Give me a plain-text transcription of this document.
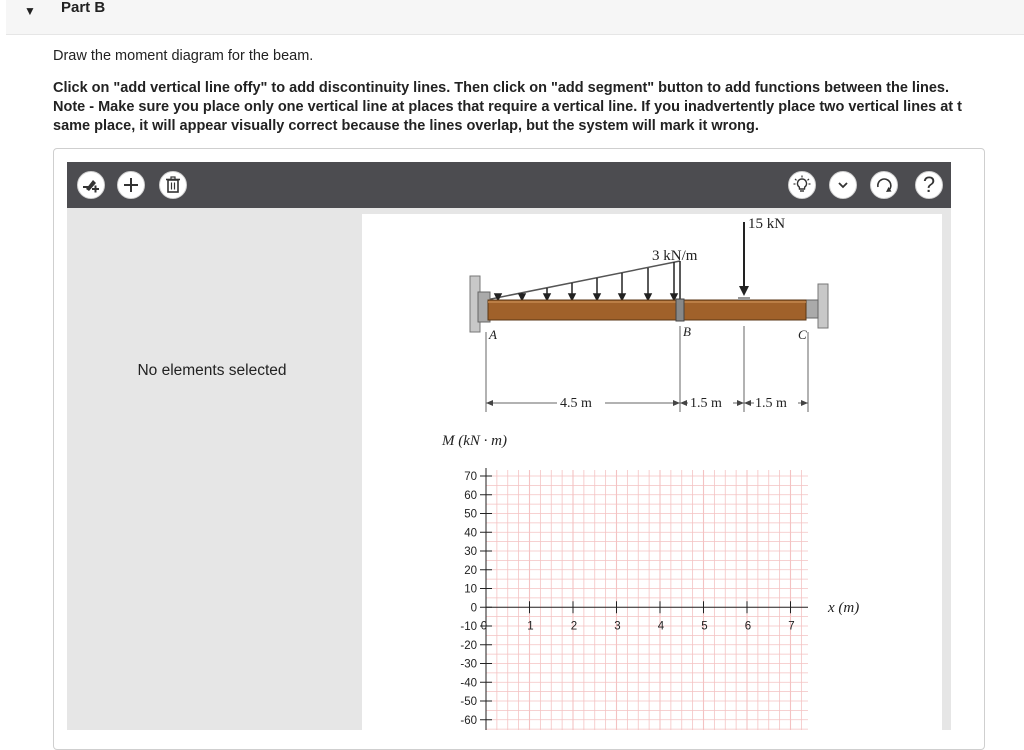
▼ Part B
Draw the moment diagram for the beam.
Click on "add vertical line offy" to add discontinuity lines. Then click on "add segment" button to add functions between the lines.
Note - Make sure you place only one vertical line at places that require a vertical line. If you inadvertently place two vertical lines at t
same place, it will appear visually correct because the lines overlap, but the system will mark it wrong.
?
No elements selected
3 kN/m
15 kN
A	B	C
4.5 m	1.5 m 1.5 m
M (kN · m)
70
60
50
40
30
20
10
0
-10
-20
-30
-40
-50
-60
0	1	2	3	4	5	6	7
x (m)
